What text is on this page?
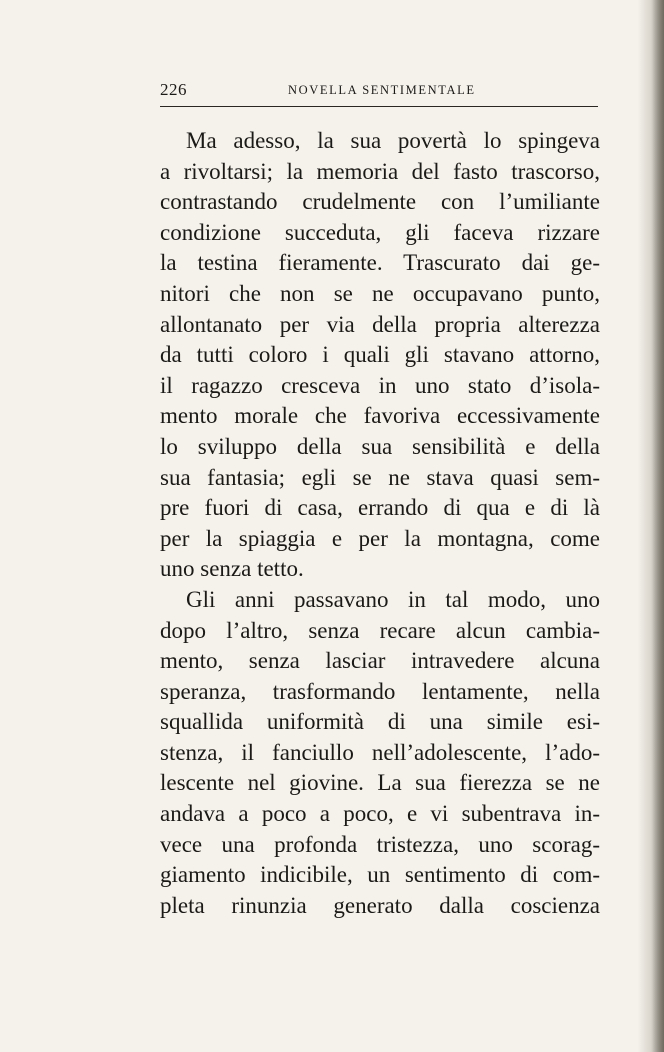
226	NOVELLA SENTIMENTALE
Ma adesso, la sua povertà lo spingeva
a rivoltarsi; la memoria del fasto trascorso,
contrastando crudelmente con l’umiliante
condizione succeduta, gli faceva rizzare
la testina fieramente. Trascurato dai ge-
nitori che non se ne occupavano punto,
allontanato per via della propria alterezza
da tutti coloro i quali gli stavano attorno,
il ragazzo cresceva in uno stato d’isola-
mento morale che favoriva eccessivamente
lo sviluppo della sua sensibilità e della
sua fantasia; egli se ne stava quasi sem-
pre fuori di casa, errando di qua e di là
per la spiaggia e per la montagna, come
uno senza tetto.
Gli anni passavano in tal modo, uno
dopo l’altro, senza recare alcun cambia-
mento, senza lasciar intravedere alcuna
speranza, trasformando lentamente, nella
squallida uniformità di una simile esi-
stenza, il fanciullo nell’adolescente, l’ado-
lescente nel giovine. La sua fierezza se ne
andava a poco a poco, e vi subentrava in-
vece una profonda tristezza, uno scorag-
giamento indicibile, un sentimento di com-
pleta rinunzia generato dalla coscienza
